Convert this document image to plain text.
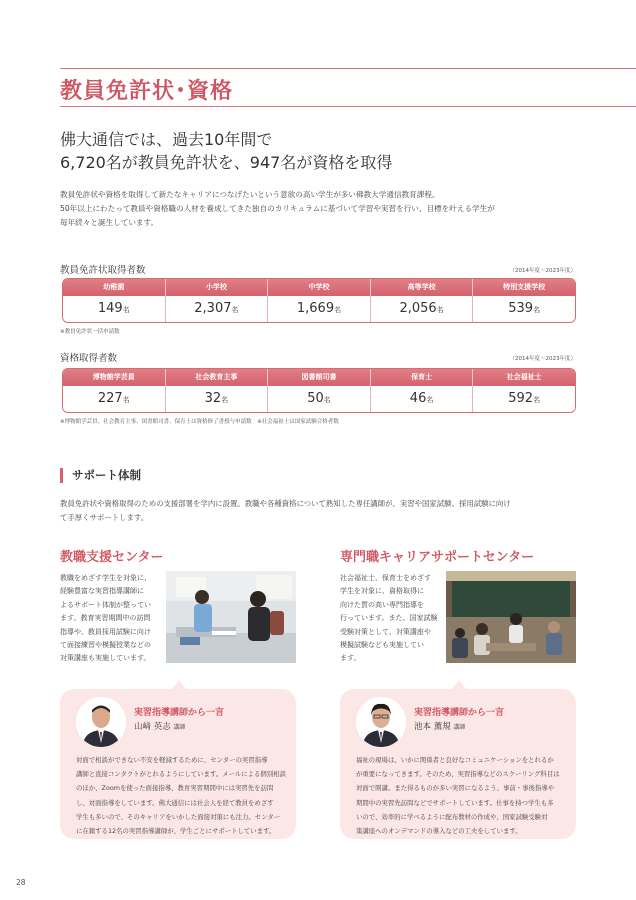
教員免許状･資格
佛大通信では、過去10年間で
6,720名が教員免許状を、947名が資格を取得
教員免許状や資格を取得して新たなキャリアにつなげたいという意欲の高い学生が多い佛教大学通信教育課程。
50年以上にわたって教員や資格職の人材を養成してきた独自のカリキュラムに基づいて学習や実習を行い、目標を叶える学生が
毎年続々と誕生しています。
教員免許状取得者数	（2014年度～2023年度）
幼稚園	小学校	中学校	高等学校	特別支援学校
149名	2,307名	1,669名	2,056名	539名
※教員免許状一括申請数
資格取得者数	（2014年度～2023年度）
博物館学芸員	社会教育主事	図書館司書	保育士	社会福祉士
227名	32名	50名	46名	592名
※博物館学芸員、社会教育主事、図書館司書、保育士は資格修了書授与申請数　※社会福祉士は国家試験合格者数
サポート体制
教員免許状や資格取得のための支援部署を学内に設置。教職や各種資格について熟知した専任講師が、実習や国家試験、採用試験に向け
て手厚くサポートします。
教職支援センター
教職をめざす学生を対象に、
経験豊富な実習指導講師に
よるサポート体制が整ってい
ます。教育実習期間中の訪問
指導や、教員採用試験に向け
て面接練習や模擬授業などの
対策講座も実施しています。
実習指導講師から一言
山﨑 英志 講師
対面で相談ができない不安を軽減するために、センターの実習指導
講師と直接コンタクトがとれるようにしています。メールによる個別相談
のほか、Zoomを使った面接指導、教育実習期間中には実習先を訪問
し、対面指導をしています。佛大通信には社会人を経て教員をめざす
学生も多いので、そのキャリアをいかした面接対策にも注力。センター
に在籍する12名の実習指導講師が、学生ごとにサポートしています。
専門職キャリアサポートセンター
社会福祉士、保育士をめざす
学生を対象に、資格取得に
向けた質の高い専門指導を
行っています。また、国家試験
受験対策として、対策講座や
模擬試験なども実施してい
ます。
実習指導講師から一言
池本 薫規 講師
福祉の現場は、いかに関係者と良好なコミュニケーションをとれるか
が重要になってきます。そのため、実習指導などのスクーリング科目は
対面で開講。また得るものが多い実習になるよう、事前・事後指導や
期間中の実習先訪問などでサポートしています。仕事を持つ学生も多
いので、効率的に学べるように配布教材の作成や、国家試験受験対
策講座へのオンデマンドの導入などの工夫をしています。
28
